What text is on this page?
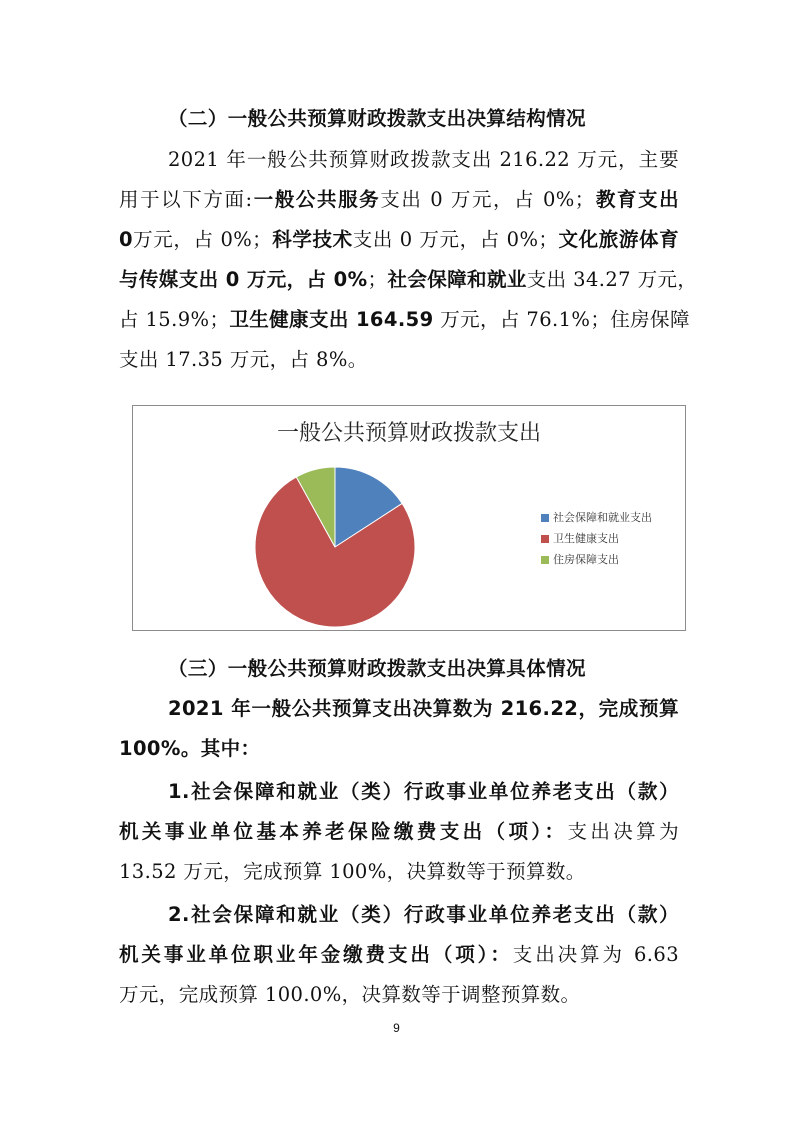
（二）一般公共预算财政拨款支出决算结构情况
2021 年一般公共预算财政拨款支出 216.22 万元，主要
用于以下方面:一般公共服务支出 0 万元，占 0%；教育支出
0万元，占 0%；科学技术支出 0 万元，占 0%；文化旅游体育
与传媒支出 0 万元，占 0%；社会保障和就业支出 34.27 万元，
占 15.9%；卫生健康支出 164.59 万元，占 76.1%；住房保障
支出 17.35 万元，占 8%。
一般公共预算财政拨款支出
社会保障和就业支出
卫生健康支出
住房保障支出
（三）一般公共预算财政拨款支出决算具体情况
2021 年一般公共预算支出决算数为 216.22，完成预算
100%。其中：
1.社会保障和就业（类）行政事业单位养老支出（款）
机关事业单位基本养老保险缴费支出（项）：支出决算为
13.52 万元，完成预算 100%，决算数等于预算数。
2.社会保障和就业（类）行政事业单位养老支出（款）
机关事业单位职业年金缴费支出（项）：支出决算为 6.63
万元，完成预算 100.0%，决算数等于调整预算数。
9
